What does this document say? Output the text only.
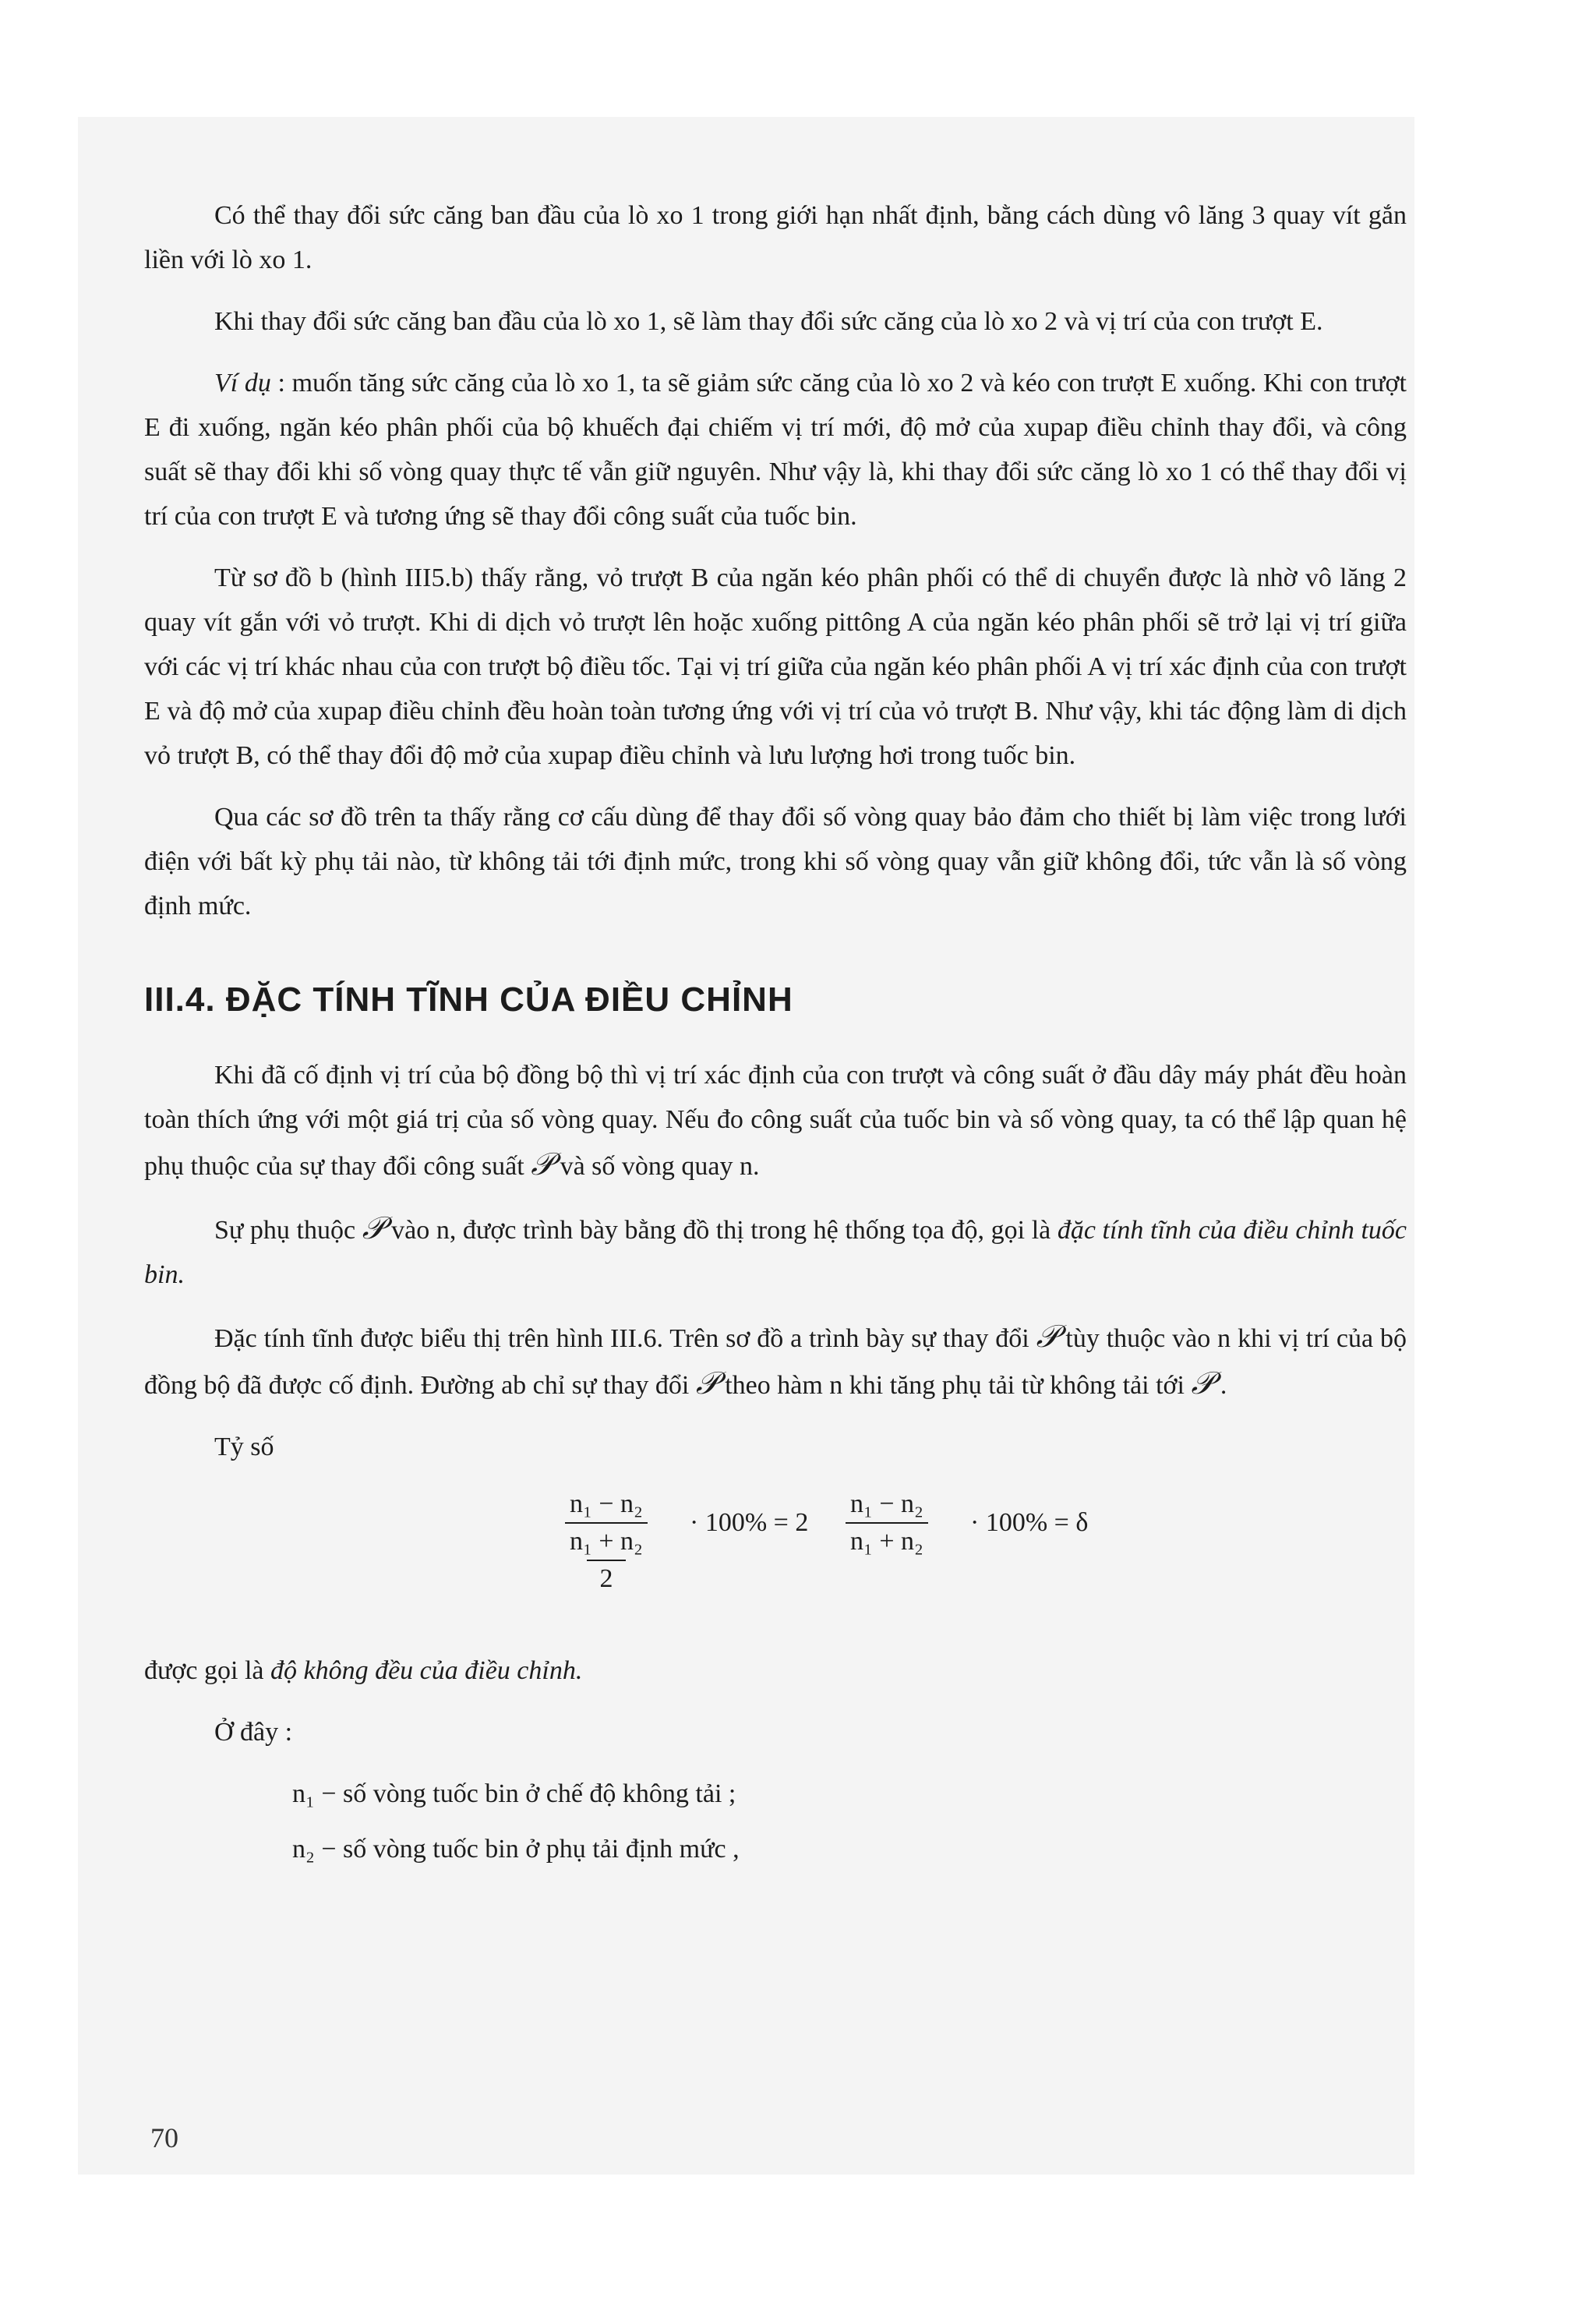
Có thể thay đổi sức căng ban đầu của lò xo 1 trong giới hạn nhất định, bằng cách dùng vô lăng 3 quay vít gắn liền với lò xo 1.

Khi thay đổi sức căng ban đầu của lò xo 1, sẽ làm thay đổi sức căng của lò xo 2 và vị trí của con trượt E.

Ví dụ : muốn tăng sức căng của lò xo 1, ta sẽ giảm sức căng của lò xo 2 và kéo con trượt E xuống. Khi con trượt E đi xuống, ngăn kéo phân phối của bộ khuếch đại chiếm vị trí mới, độ mở của xupap điều chỉnh thay đổi, và công suất sẽ thay đổi khi số vòng quay thực tế vẫn giữ nguyên. Như vậy là, khi thay đổi sức căng lò xo 1 có thể thay đổi vị trí của con trượt E và tương ứng sẽ thay đổi công suất của tuốc bin.

Từ sơ đồ b (hình III5.b) thấy rằng, vỏ trượt B của ngăn kéo phân phối có thể di chuyển được là nhờ vô lăng 2 quay vít gắn với vỏ trượt. Khi di dịch vỏ trượt lên hoặc xuống pittông A của ngăn kéo phân phối sẽ trở lại vị trí giữa với các vị trí khác nhau của con trượt bộ điều tốc. Tại vị trí giữa của ngăn kéo phân phối A vị trí xác định của con trượt E và độ mở của xupap điều chỉnh đều hoàn toàn tương ứng với vị trí của vỏ trượt B. Như vậy, khi tác động làm di dịch vỏ trượt B, có thể thay đổi độ mở của xupap điều chỉnh và lưu lượng hơi trong tuốc bin.

Qua các sơ đồ trên ta thấy rằng cơ cấu dùng để thay đổi số vòng quay bảo đảm cho thiết bị làm việc trong lưới điện với bất kỳ phụ tải nào, từ không tải tới định mức, trong khi số vòng quay vẫn giữ không đổi, tức vẫn là số vòng định mức.

III.4. ĐẶC TÍNH TĨNH CỦA ĐIỀU CHỈNH

Khi đã cố định vị trí của bộ đồng bộ thì vị trí xác định của con trượt và công suất ở đầu dây máy phát đều hoàn toàn thích ứng với một giá trị của số vòng quay. Nếu đo công suất của tuốc bin và số vòng quay, ta có thể lập quan hệ phụ thuộc của sự thay đổi công suất 𝒫 và số vòng quay n.

Sự phụ thuộc 𝒫 vào n, được trình bày bằng đồ thị trong hệ thống tọa độ, gọi là đặc tính tĩnh của điều chỉnh tuốc bin.

Đặc tính tĩnh được biểu thị trên hình III.6. Trên sơ đồ a trình bày sự thay đổi 𝒫 tùy thuộc vào n khi vị trí của bộ đồng bộ đã được cố định. Đường ab chỉ sự thay đổi 𝒫 theo hàm n khi tăng phụ tải từ không tải tới 𝒫 .

Tỷ số

n₁ − n₂
n₁ + n₂
2
· $100\% = 2 \frac{\text{n₁ − n₂}}{\text{n₁ + n₂}} \cdot 100\% = \delta$

được gọi là độ không đều của điều chỉnh.

Ở đây :

n₁ − số vòng tuốc bin ở chế độ không tải ;

n₂ − số vòng tuốc bin ở phụ tải định mức ,

70
